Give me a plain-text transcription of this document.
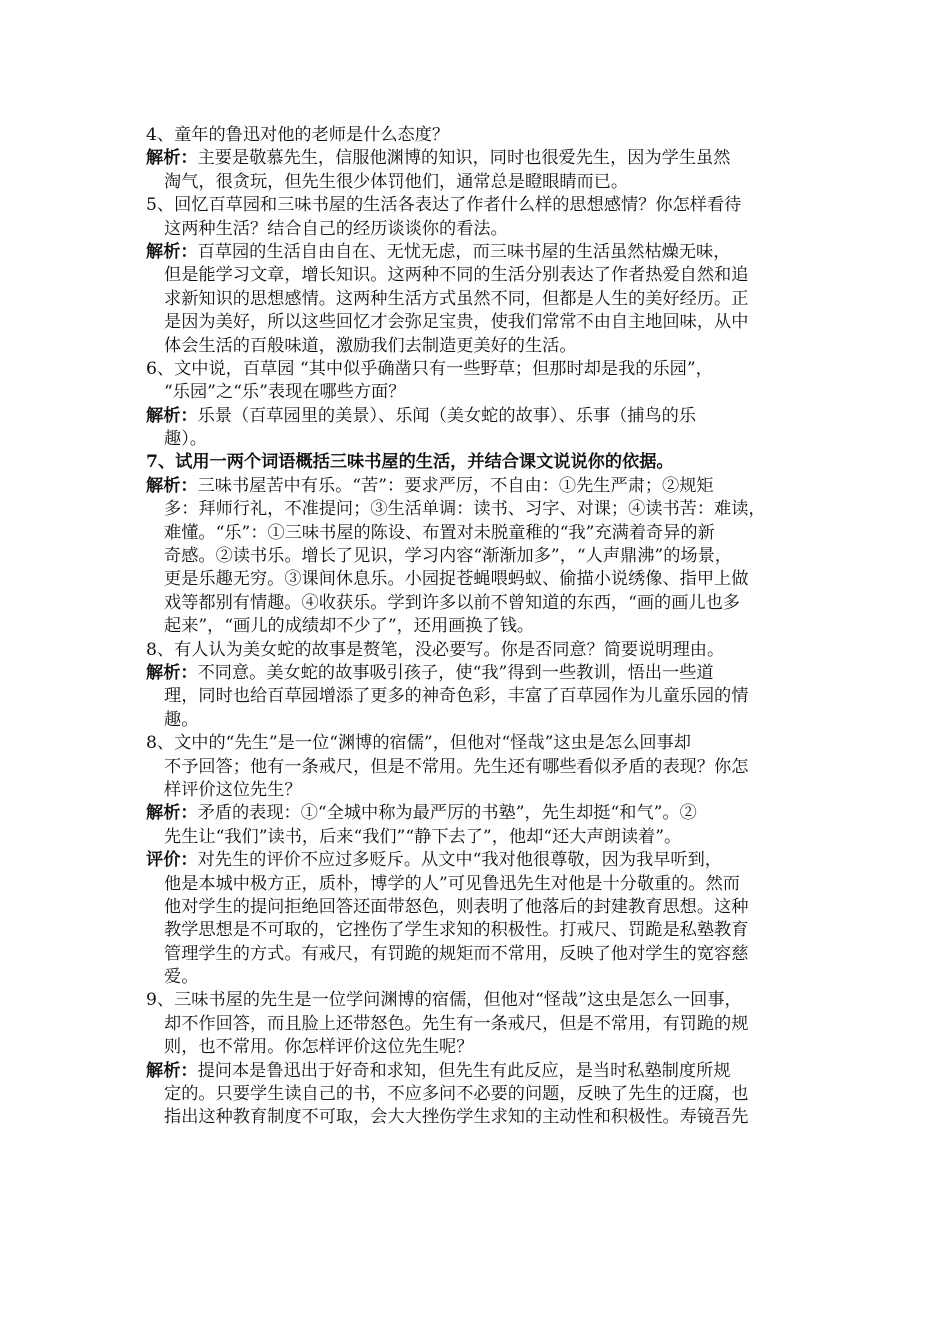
4、童年的鲁迅对他的老师是什么态度？
解析：主要是敬慕先生，信服他渊博的知识，同时也很爱先生，因为学生虽然
淘气，很贪玩，但先生很少体罚他们，通常总是瞪眼睛而已。
5、回忆百草园和三味书屋的生活各表达了作者什么样的思想感情？你怎样看待
这两种生活？结合自己的经历谈谈你的看法。
解析：百草园的生活自由自在、无忧无虑，而三味书屋的生活虽然枯燥无味，
但是能学习文章，增长知识。这两种不同的生活分别表达了作者热爱自然和追
求新知识的思想感情。这两种生活方式虽然不同，但都是人生的美好经历。正
是因为美好，所以这些回忆才会弥足宝贵，使我们常常不由自主地回味，从中
体会生活的百般味道，激励我们去制造更美好的生活。
6、文中说，百草园 “其中似乎确凿只有一些野草；但那时却是我的乐园”，
“乐园”之“乐”表现在哪些方面？
解析：乐景（百草园里的美景）、乐闻（美女蛇的故事）、乐事（捕鸟的乐
趣）。
7、试用一两个词语概括三味书屋的生活，并结合课文说说你的依据。
解析：三味书屋苦中有乐。“苦”：要求严厉，不自由：①先生严肃；②规矩
多：拜师行礼，不准提问；③生活单调：读书、习字、对课；④读书苦：难读，
难懂。“乐”：①三味书屋的陈设、布置对未脱童稚的“我”充满着奇异的新
奇感。②读书乐。增长了见识，学习内容“渐渐加多”，“人声鼎沸”的场景，
更是乐趣无穷。③课间休息乐。小园捉苍蝇喂蚂蚁、偷描小说绣像、指甲上做
戏等都别有情趣。④收获乐。学到许多以前不曾知道的东西，“画的画儿也多
起来”，“画儿的成绩却不少了”，还用画换了钱。
8、有人认为美女蛇的故事是赘笔，没必要写。你是否同意？简要说明理由。
解析：不同意。美女蛇的故事吸引孩子，使“我”得到一些教训，悟出一些道
理，同时也给百草园增添了更多的神奇色彩，丰富了百草园作为儿童乐园的情
趣。
8、文中的“先生”是一位“渊博的宿儒”，但他对“怪哉”这虫是怎么回事却
不予回答；他有一条戒尺，但是不常用。先生还有哪些看似矛盾的表现？你怎
样评价这位先生？
解析：矛盾的表现：①“全城中称为最严厉的书塾”，先生却挺“和气”。②
先生让“我们”读书，后来“我们”“静下去了”，他却“还大声朗读着”。
评价：对先生的评价不应过多贬斥。从文中“我对他很尊敬，因为我早听到，
他是本城中极方正，质朴，博学的人”可见鲁迅先生对他是十分敬重的。然而
他对学生的提问拒绝回答还面带怒色，则表明了他落后的封建教育思想。这种
教学思想是不可取的，它挫伤了学生求知的积极性。打戒尺、罚跪是私塾教育
管理学生的方式。有戒尺，有罚跪的规矩而不常用，反映了他对学生的宽容慈
爱。
9、三味书屋的先生是一位学问渊博的宿儒，但他对“怪哉”这虫是怎么一回事，
却不作回答，而且脸上还带怒色。先生有一条戒尺，但是不常用，有罚跪的规
则，也不常用。你怎样评价这位先生呢？
解析：提问本是鲁迅出于好奇和求知，但先生有此反应，是当时私塾制度所规
定的。只要学生读自己的书，不应多问不必要的问题，反映了先生的迂腐，也
指出这种教育制度不可取，会大大挫伤学生求知的主动性和积极性。寿镜吾先
